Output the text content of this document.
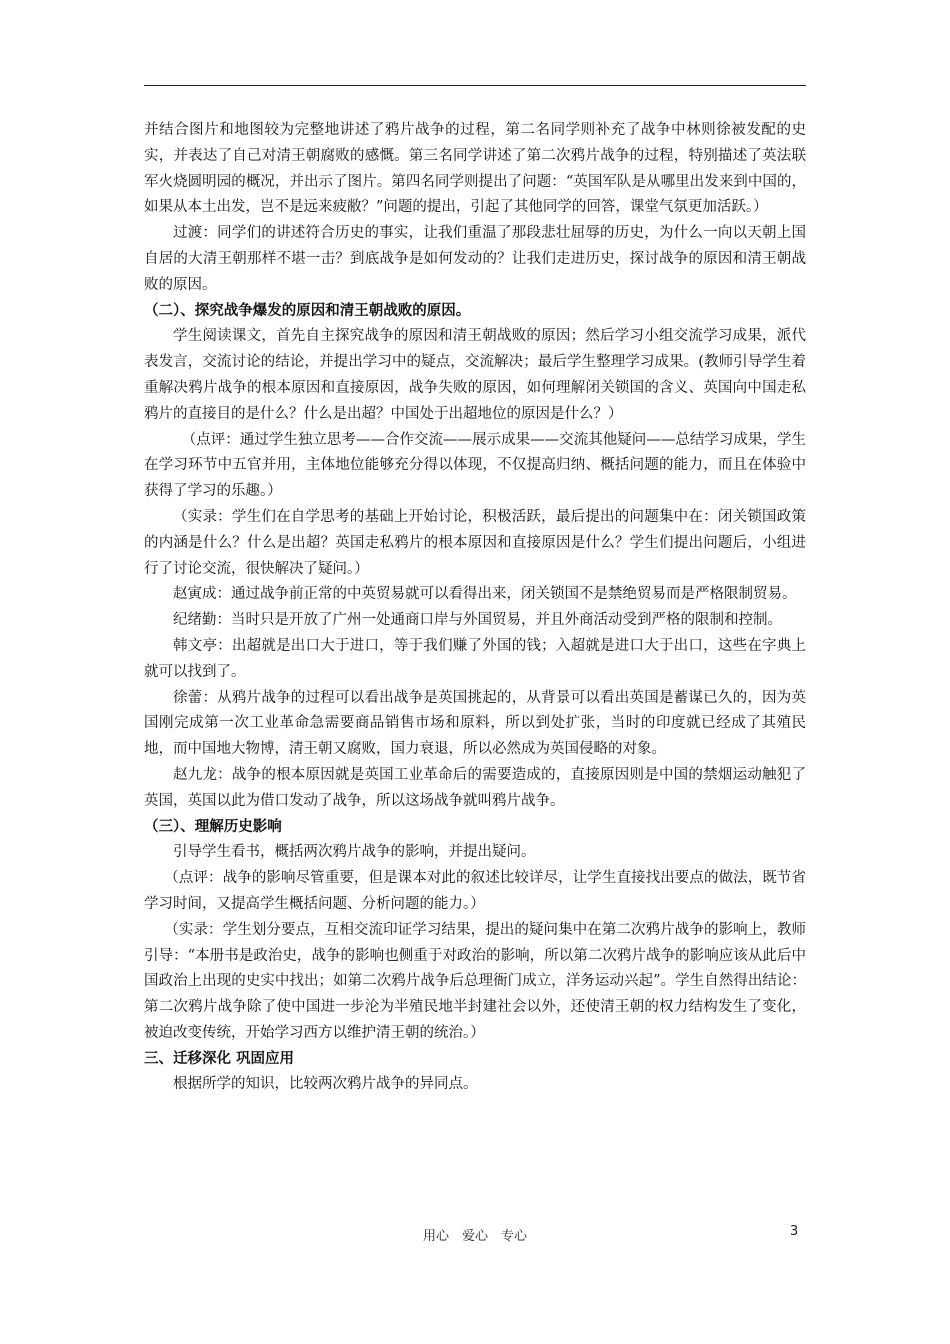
并结合图片和地图较为完整地讲述了鸦片战争的过程，第二名同学则补充了战争中林则徐被发配的史实，并表达了自己对清王朝腐败的感慨。第三名同学讲述了第二次鸦片战争的过程，特别描述了英法联军火烧圆明园的概况，并出示了图片。第四名同学则提出了问题：“英国军队是从哪里出发来到中国的，如果从本土出发，岂不是远来疲敝？”问题的提出，引起了其他同学的回答，课堂气氛更加活跃。）

过渡：同学们的讲述符合历史的事实，让我们重温了那段悲壮屈辱的历史，为什么一向以天朝上国自居的大清王朝那样不堪一击？到底战争是如何发动的？让我们走进历史，探讨战争的原因和清王朝战败的原因。

（二）、探究战争爆发的原因和清王朝战败的原因。

学生阅读课文，首先自主探究战争的原因和清王朝战败的原因；然后学习小组交流学习成果，派代表发言，交流讨论的结论，并提出学习中的疑点，交流解决；最后学生整理学习成果。(教师引导学生着重解决鸦片战争的根本原因和直接原因，战争失败的原因，如何理解闭关锁国的含义、英国向中国走私鸦片的直接目的是什么？什么是出超？中国处于出超地位的原因是什么？）

（点评：通过学生独立思考——合作交流——展示成果——交流其他疑问——总结学习成果，学生在学习环节中五官并用，主体地位能够充分得以体现，不仅提高归纳、概括问题的能力，而且在体验中获得了学习的乐趣。）

（实录：学生们在自学思考的基础上开始讨论，积极活跃，最后提出的问题集中在：闭关锁国政策的内涵是什么？什么是出超？英国走私鸦片的根本原因和直接原因是什么？学生们提出问题后，小组进行了讨论交流，很快解决了疑问。）

赵寅成：通过战争前正常的中英贸易就可以看得出来，闭关锁国不是禁绝贸易而是严格限制贸易。

纪绪勤：当时只是开放了广州一处通商口岸与外国贸易，并且外商活动受到严格的限制和控制。

韩文亭：出超就是出口大于进口，等于我们赚了外国的钱；入超就是进口大于出口，这些在字典上就可以找到了。

徐蕾：从鸦片战争的过程可以看出战争是英国挑起的，从背景可以看出英国是蓄谋已久的，因为英国刚完成第一次工业革命急需要商品销售市场和原料，所以到处扩张，当时的印度就已经成了其殖民地，而中国地大物博，清王朝又腐败，国力衰退，所以必然成为英国侵略的对象。

赵九龙：战争的根本原因就是英国工业革命后的需要造成的，直接原因则是中国的禁烟运动触犯了英国，英国以此为借口发动了战争，所以这场战争就叫鸦片战争。

（三）、理解历史影响

引导学生看书，概括两次鸦片战争的影响，并提出疑问。

（点评：战争的影响尽管重要，但是课本对此的叙述比较详尽，让学生直接找出要点的做法，既节省学习时间，又提高学生概括问题、分析问题的能力。）

（实录：学生划分要点，互相交流印证学习结果，提出的疑问集中在第二次鸦片战争的影响上，教师引导：“本册书是政治史，战争的影响也侧重于对政治的影响，所以第二次鸦片战争的影响应该从此后中国政治上出现的史实中找出；如第二次鸦片战争后总理衙门成立，洋务运动兴起”。学生自然得出结论：第二次鸦片战争除了使中国进一步沦为半殖民地半封建社会以外，还使清王朝的权力结构发生了变化，被迫改变传统，开始学习西方以维护清王朝的统治。）

三、迁移深化 巩固应用

根据所学的知识，比较两次鸦片战争的异同点。

用心　爱心　专心	3
